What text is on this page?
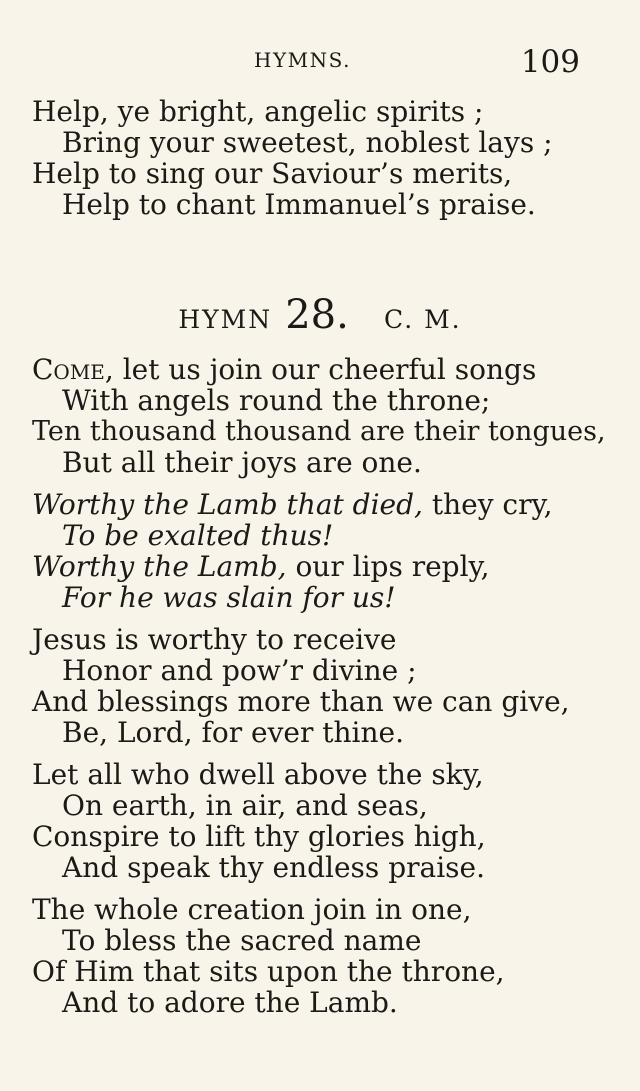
HYMNS.	109
Help, ye bright, angelic spirits ;
Bring your sweetest, noblest lays ;
Help to sing our Saviour’s merits,
Help to chant Immanuel’s praise.
HYMN 28. C. M.
Come, let us join our cheerful songs
With angels round the throne;
Ten thousand thousand are their tongues,
But all their joys are one.
Worthy the Lamb that died, they cry,
To be exalted thus!
Worthy the Lamb, our lips reply,
For he was slain for us!
Jesus is worthy to receive
Honor and pow’r divine ;
And blessings more than we can give,
Be, Lord, for ever thine.
Let all who dwell above the sky,
On earth, in air, and seas,
Conspire to lift thy glories high,
And speak thy endless praise.
The whole creation join in one,
To bless the sacred name
Of Him that sits upon the throne,
And to adore the Lamb.
